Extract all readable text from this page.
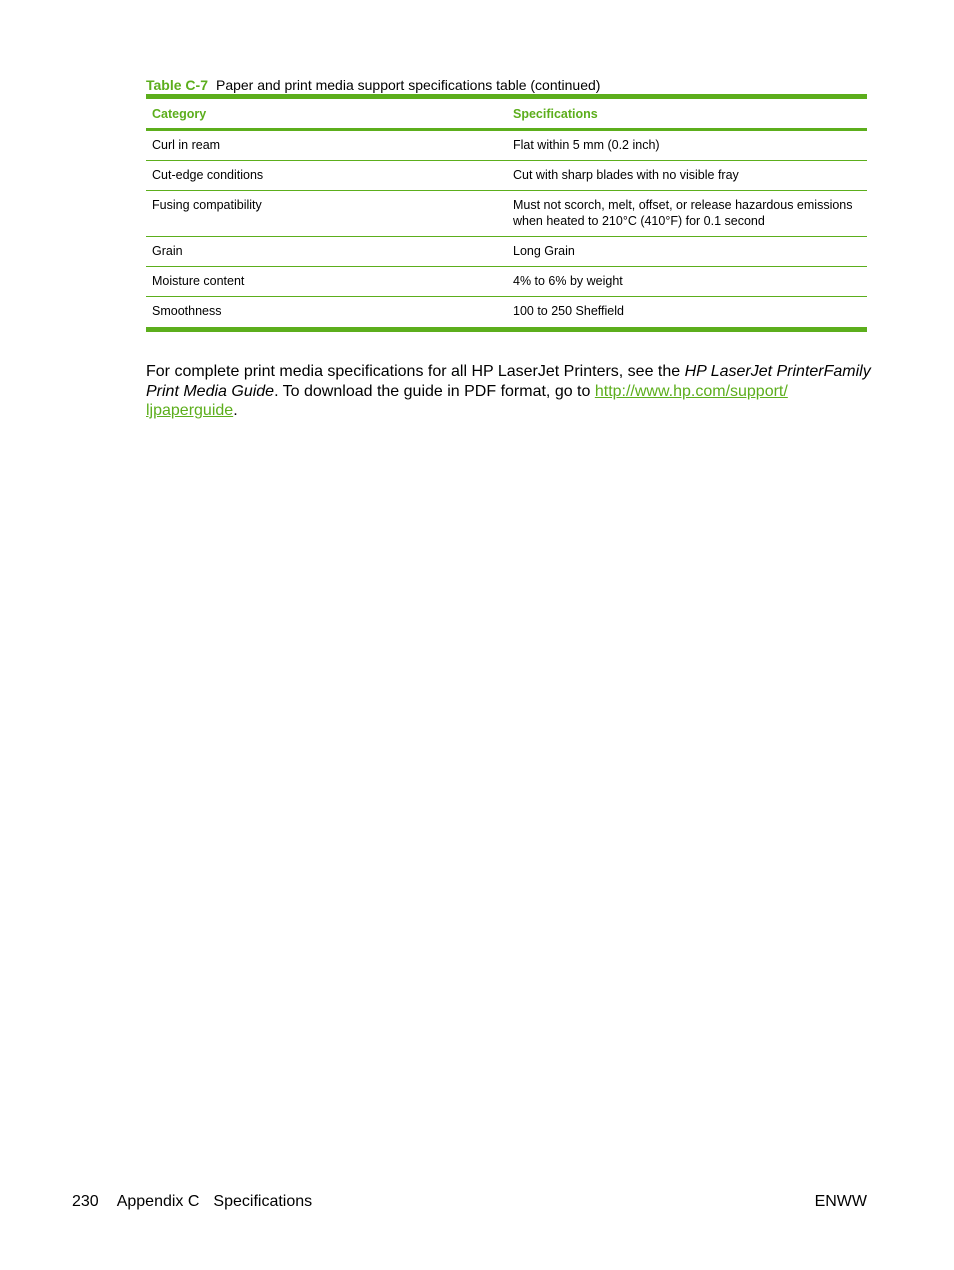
Table C-7 Paper and print media support specifications table (continued)
Category	Specifications
Curl in ream	Flat within 5 mm (0.2 inch)
Cut-edge conditions	Cut with sharp blades with no visible fray
Fusing compatibility	Must not scorch, melt, offset, or release hazardous emissions when heated to 210°C (410°F) for 0.1 second
Grain	Long Grain
Moisture content	4% to 6% by weight
Smoothness	100 to 250 Sheffield

For complete print media specifications for all HP LaserJet Printers, see the HP LaserJet PrinterFamily Print Media Guide. To download the guide in PDF format, go to http://www.hp.com/support/
ljpaperguide.

230 Appendix C Specifications	ENWW
